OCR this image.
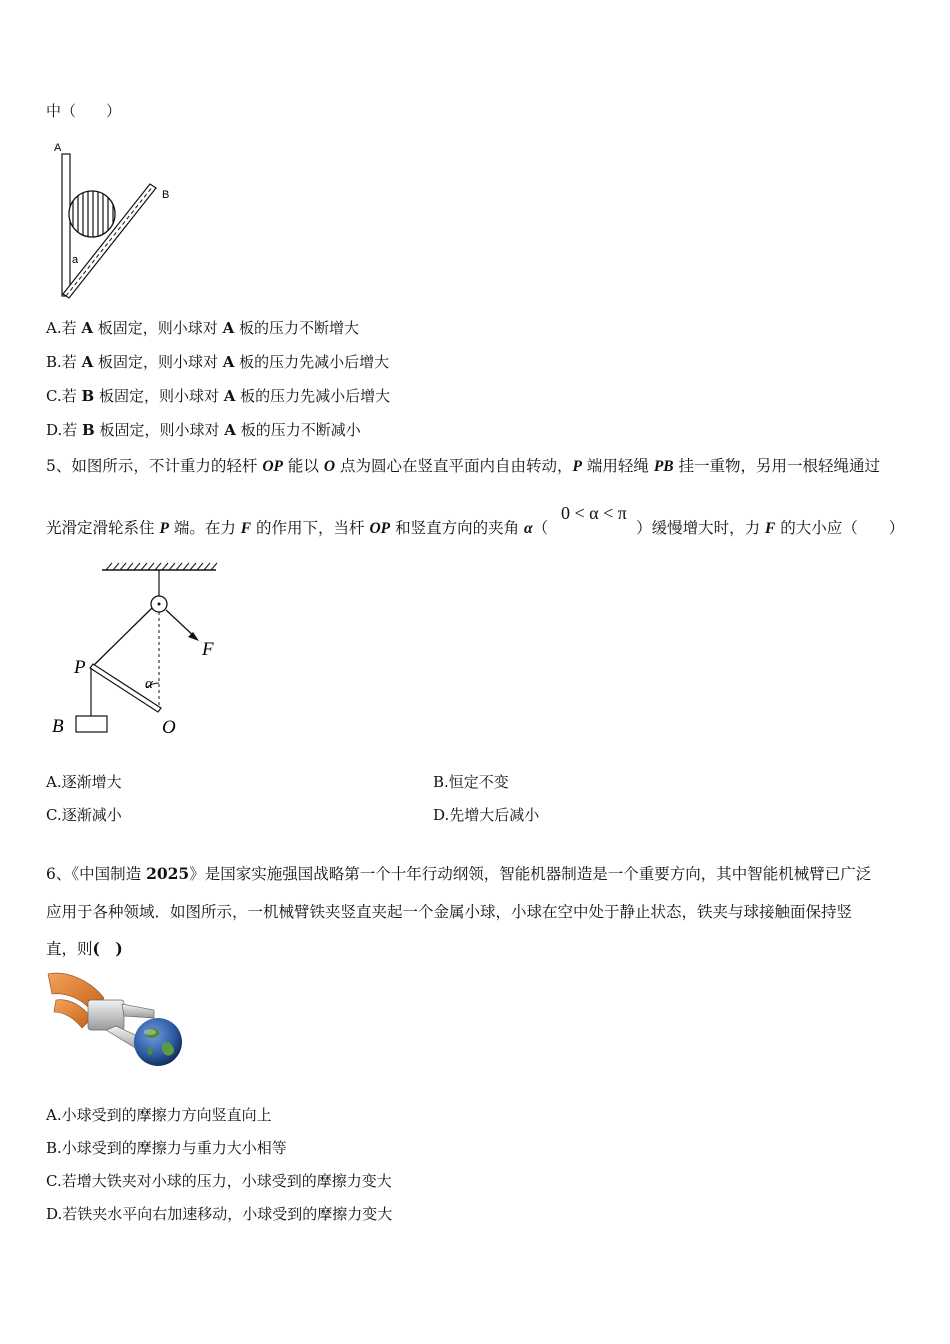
中（　　）
A
B
a
A.若 A 板固定，则小球对 A 板的压力不断增大
B.若 A 板固定，则小球对 A 板的压力先减小后增大
C.若 B 板固定，则小球对 A 板的压力先减小后增大
D.若 B 板固定，则小球对 A 板的压力不断减小
5、如图所示，不计重力的轻杆 OP 能以 O 点为圆心在竖直平面内自由转动，P 端用轻绳 PB 挂一重物，另用一根轻绳通过
光滑定滑轮系住 P 端。在力 F 的作用下，当杆 OP 和竖直方向的夹角 α（	）缓慢增大时，力 F 的大小应（　　）
0 < α < π
F
α
P
B	O
A.逐渐增大	B.恒定不变
C.逐渐减小	D.先增大后减小
6、《中国制造 2025》是国家实施强国战略第一个十年行动纲领，智能机器制造是一个重要方向，其中智能机械臂已广泛
应用于各种领域．如图所示，一机械臂铁夹竖直夹起一个金属小球，小球在空中处于静止状态，铁夹与球接触面保持竖
直，则(　)
A.小球受到的摩擦力方向竖直向上
B.小球受到的摩擦力与重力大小相等
C.若增大铁夹对小球的压力，小球受到的摩擦力变大
D.若铁夹水平向右加速移动，小球受到的摩擦力变大
